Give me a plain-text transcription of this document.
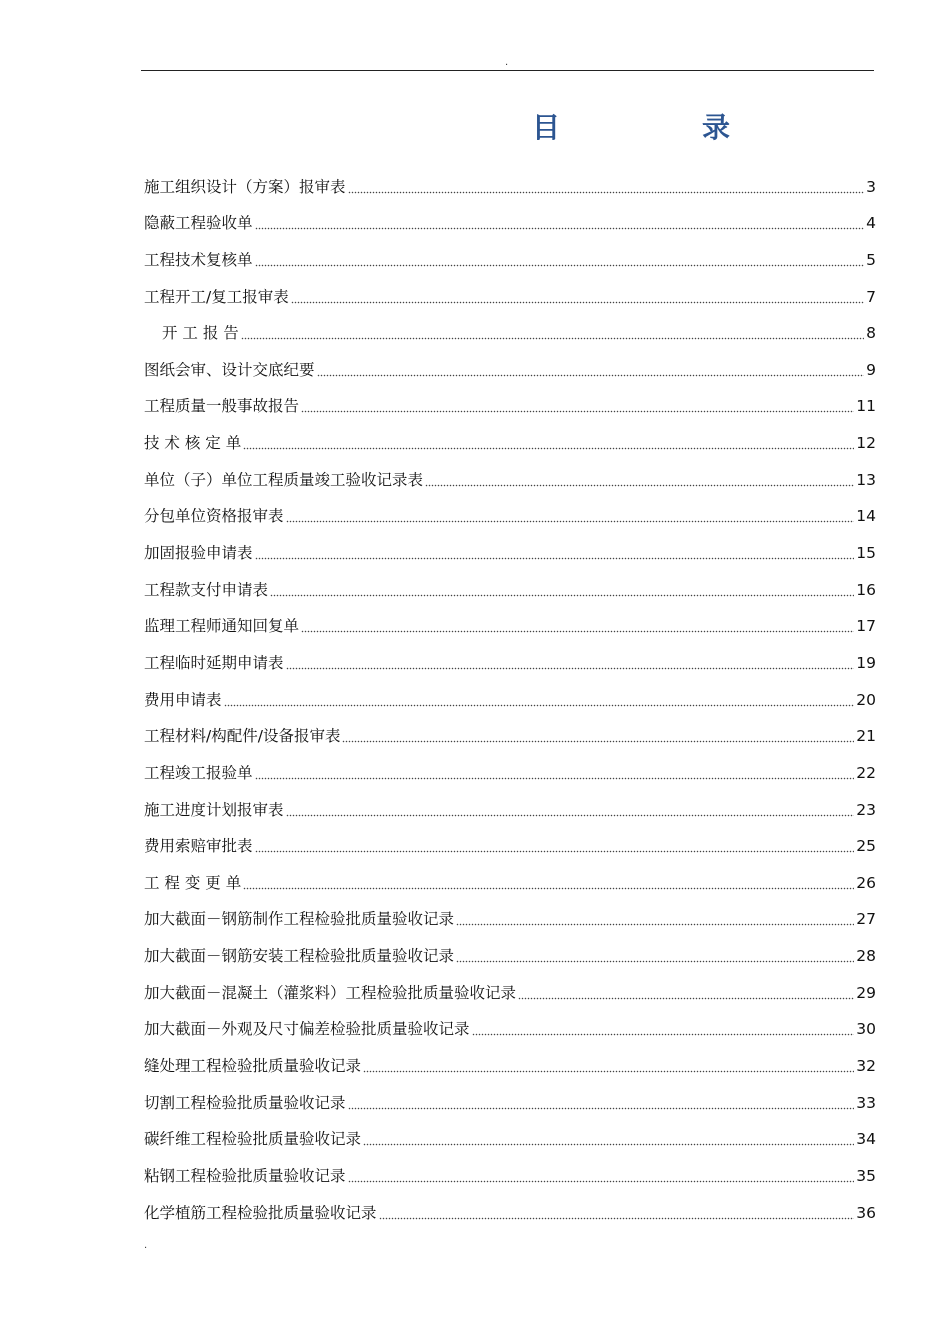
.
目	录
施工组织设计（方案）报审表	3
隐蔽工程验收单	4
工程技术复核单	5
工程开工/复工报审表	7
开 工 报 告	8
图纸会审、设计交底纪要	9
工程质量一般事故报告	11
技 术 核 定 单	12
单位（子）单位工程质量竣工验收记录表	13
分包单位资格报审表	14
加固报验申请表	15
工程款支付申请表	16
监理工程师通知回复单	17
工程临时延期申请表	19
费用申请表	20
工程材料/构配件/设备报审表	21
工程竣工报验单	22
施工进度计划报审表	23
费用索赔审批表	25
工 程 变 更 单	26
加大截面－钢筋制作工程检验批质量验收记录	27
加大截面－钢筋安装工程检验批质量验收记录	28
加大截面－混凝土（灌浆料）工程检验批质量验收记录	29
加大截面－外观及尺寸偏差检验批质量验收记录	30
缝处理工程检验批质量验收记录	32
切割工程检验批质量验收记录	33
碳纤维工程检验批质量验收记录	34
粘钢工程检验批质量验收记录	35
化学植筋工程检验批质量验收记录	36
.
